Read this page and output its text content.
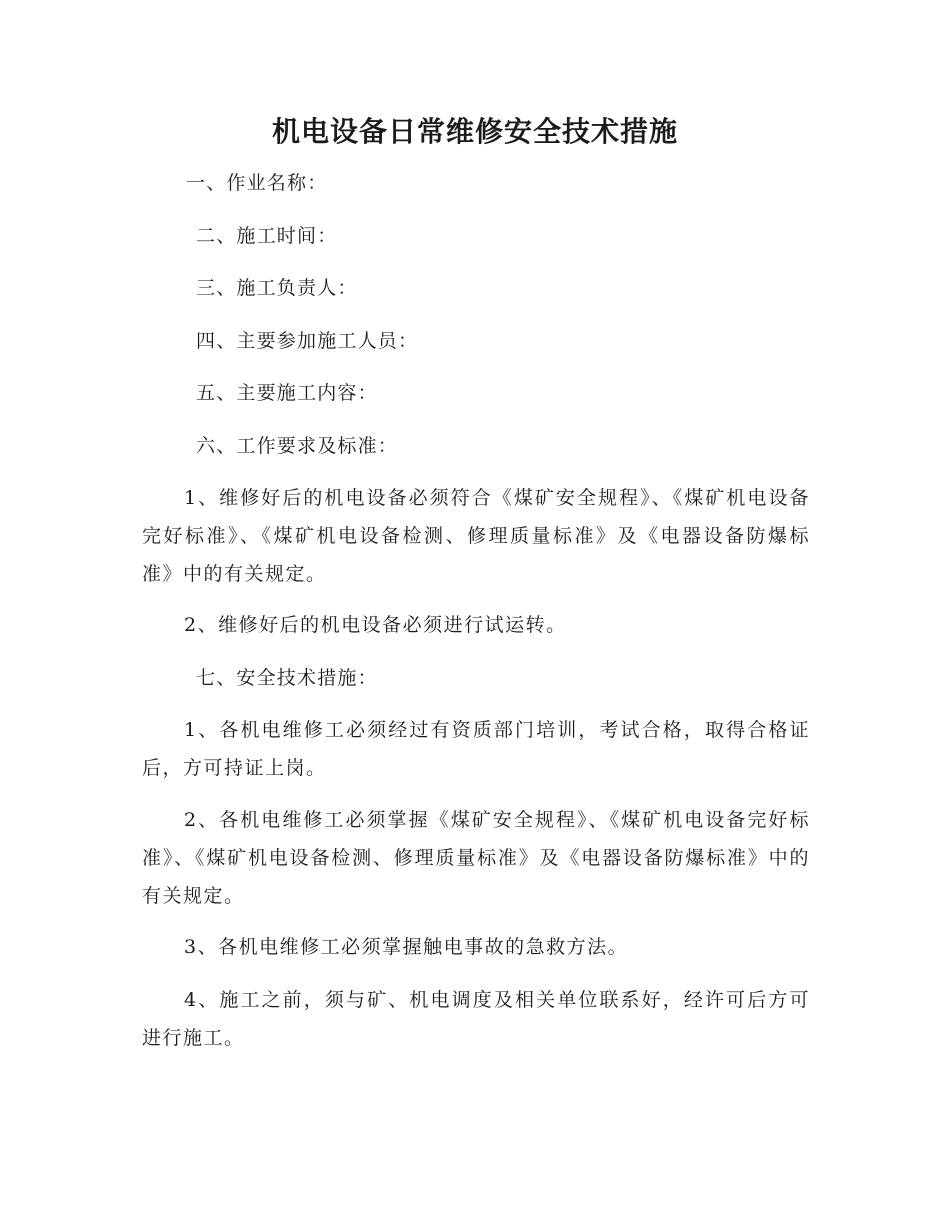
机电设备日常维修安全技术措施
一、作业名称：
二、施工时间：
三、施工负责人：
四、主要参加施工人员：
五、主要施工内容：
六、工作要求及标准：
1、维修好后的机电设备必须符合《煤矿安全规程》、《煤矿机电设备完好标准》、《煤矿机电设备检测、修理质量标准》及《电器设备防爆标准》中的有关规定。
2、维修好后的机电设备必须进行试运转。
七、安全技术措施：
1、各机电维修工必须经过有资质部门培训，考试合格，取得合格证后，方可持证上岗。
2、各机电维修工必须掌握《煤矿安全规程》、《煤矿机电设备完好标准》、《煤矿机电设备检测、修理质量标准》及《电器设备防爆标准》中的有关规定。
3、各机电维修工必须掌握触电事故的急救方法。
4、施工之前，须与矿、机电调度及相关单位联系好，经许可后方可进行施工。
